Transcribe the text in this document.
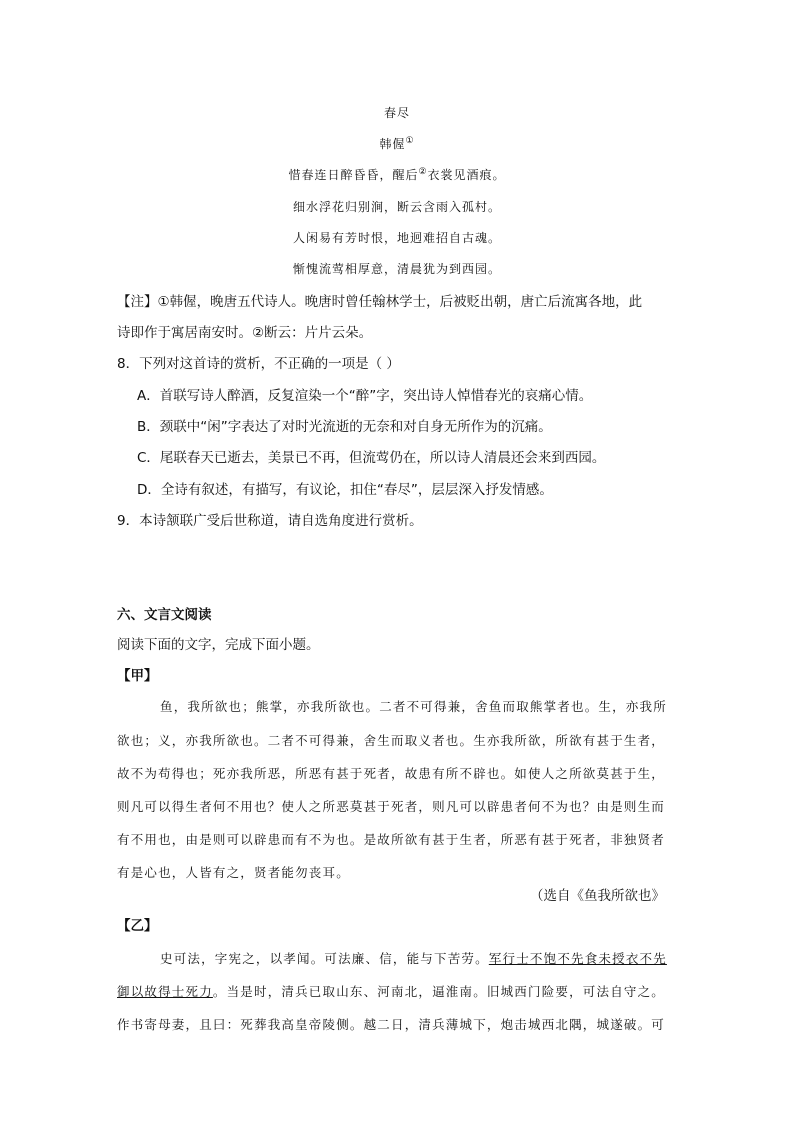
春尽
韩偓①
惜春连日醉昏昏，醒后②衣裳见酒痕。
细水浮花归别涧，断云含雨入孤村。
人闲易有芳时恨，地迥难招自古魂。
惭愧流莺相厚意，清晨犹为到西园。
【注】①韩偓，晚唐五代诗人。晚唐时曾任翰林学士，后被贬出朝，唐亡后流寓各地，此
诗即作于寓居南安时。②断云：片片云朵。
8．下列对这首诗的赏析，不正确的一项是（ ）
A．首联写诗人醉酒，反复渲染一个“醉”字，突出诗人悼惜春光的哀痛心情。
B．颈联中“闲”字表达了对时光流逝的无奈和对自身无所作为的沉痛。
C．尾联春天已逝去，美景已不再，但流莺仍在，所以诗人清晨还会来到西园。
D．全诗有叙述，有描写，有议论，扣住“春尽”，层层深入抒发情感。
9．本诗颔联广受后世称道，请自选角度进行赏析。
六、文言文阅读
阅读下面的文字，完成下面小题。
【甲】
鱼，我所欲也；熊掌，亦我所欲也。二者不可得兼，舍鱼而取熊掌者也。生，亦我所
欲也；义，亦我所欲也。二者不可得兼，舍生而取义者也。生亦我所欲，所欲有甚于生者，
故不为苟得也；死亦我所恶，所恶有甚于死者，故患有所不辟也。如使人之所欲莫甚于生，
则凡可以得生者何不用也？使人之所恶莫甚于死者，则凡可以辟患者何不为也？由是则生而
有不用也，由是则可以辟患而有不为也。是故所欲有甚于生者，所恶有甚于死者，非独贤者
有是心也，人皆有之，贤者能勿丧耳。
（选自《鱼我所欲也》
【乙】
史可法，字宪之，以孝闻。可法廉、信，能与下苦劳。军行士不饱不先食未授衣不先
御以故得士死力。当是时，清兵已取山东、河南北，逼淮南。旧城西门险要，可法自守之。
作书寄母妻，且曰：死葬我高皇帝陵侧。越二日，清兵薄城下，炮击城西北隅，城遂破。可
